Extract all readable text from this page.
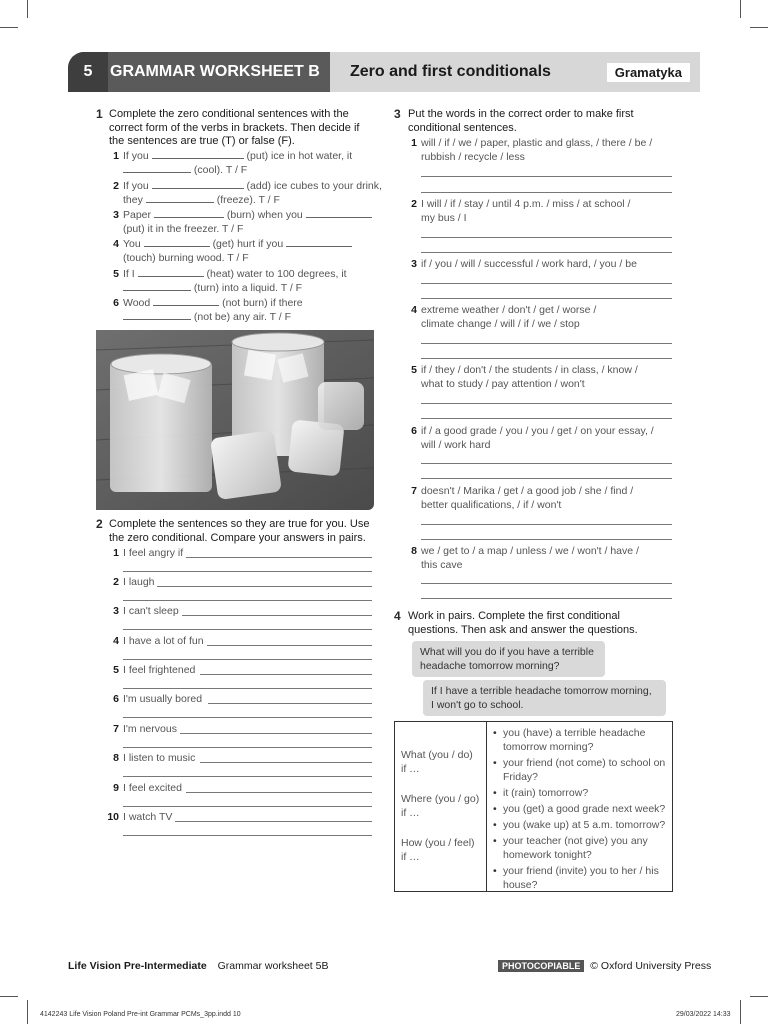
5	GRAMMAR WORKSHEET B Zero and first conditionals	Gramatyka
1 Complete the zero conditional sentences with the
correct form of the verbs in brackets. Then decide if
the sentences are true (T) or false (F).
1 If you	(put) ice in hot water, it
(cool). T / F
2 If you	(add) ice cubes to your drink,
they	(freeze). T / F
3 Paper	(burn) when you
(put) it in the freezer. T / F
4 You	(get) hurt if you
(touch) burning wood. T / F
5 If I	(heat) water to 100 degrees, it
(turn) into a liquid. T / F
6 Wood	(not burn) if there
(not be) any air. T / F
2 Complete the sentences so they are true for you. Use
the zero conditional. Compare your answers in pairs.
1 I feel angry if
2 I laugh
3 I can't sleep
4 I have a lot of fun
5 I feel frightened
6 I'm usually bored
7 I'm nervous
8 I listen to music
9 I feel excited
10 I watch TV
3 Put the words in the correct order to make first
conditional sentences.
1 will / if / we / paper, plastic and glass, / there / be /
rubbish / recycle / less
2 I will / if / stay / until 4 p.m. / miss / at school /
my bus / I
3 if / you / will / successful / work hard, / you / be
4 extreme weather / don't / get / worse /
climate change / will / if / we / stop
5 if / they / don't / the students / in class, / know /
what to study / pay attention / won't
6 if / a good grade / you / you / get / on your essay, /
will / work hard
7 doesn't / Marika / get / a good job / she / find /
better qualifications, / if / won't
8 we / get to / a map / unless / we / won't / have /
this cave
4 Work in pairs. Complete the first conditional
questions. Then ask and answer the questions.
What will you do if you have a terrible
headache tomorrow morning?
If I have a terrible headache tomorrow morning,
I won't go to school.
What (you / do)
if …
Where (you / go)
if …
How (you / feel)
if …
• you (have) a terrible headache tomorrow morning?
• your friend (not come) to school on Friday?
• it (rain) tomorrow?
• you (get) a good grade next week?
• you (wake up) at 5 a.m. tomorrow?
• your teacher (not give) you any homework tonight?
• your friend (invite) you to her / his house?
Life Vision Pre-Intermediate Grammar worksheet 5B	PHOTOCOPIABLE © Oxford University Press
4142243 Life Vision Poland Pre-int Grammar PCMs_3pp.indd 10	29/03/2022 14:33
